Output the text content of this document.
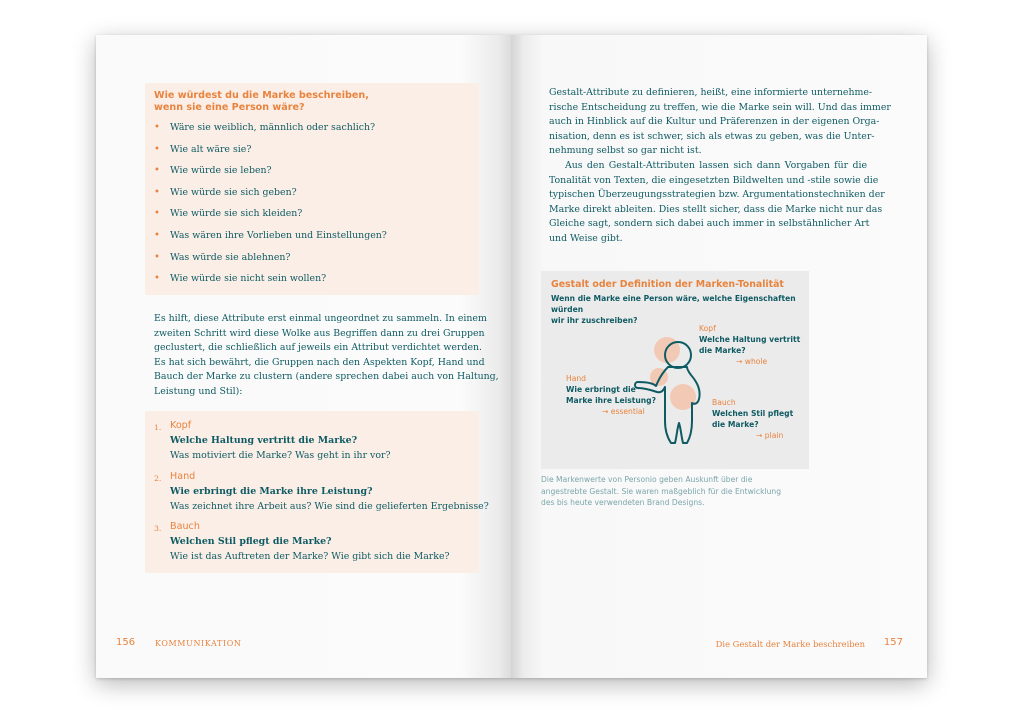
Wie würdest du die Marke beschreiben,
wenn sie eine Person wäre?
• Wäre sie weiblich, männlich oder sachlich?
• Wie alt wäre sie?
• Wie würde sie leben?
• Wie würde sie sich geben?
• Wie würde sie sich kleiden?
• Was wären ihre Vorlieben und Einstellungen?
• Was würde sie ablehnen?
• Wie würde sie nicht sein wollen?
Es hilft, diese Attribute erst einmal ungeordnet zu sammeln. In einem
zweiten Schritt wird diese Wolke aus Begriffen dann zu drei Gruppen
geclustert, die schließlich auf jeweils ein Attribut verdichtet werden.
Es hat sich bewährt, die Gruppen nach den Aspekten Kopf, Hand und
Bauch der Marke zu clustern (andere sprechen dabei auch von Haltung,
Leistung und Stil):
1. Kopf
Welche Haltung vertritt die Marke?
Was motiviert die Marke? Was geht in ihr vor?
2. Hand
Wie erbringt die Marke ihre Leistung?
Was zeichnet ihre Arbeit aus? Wie sind die gelieferten Ergebnisse?
3. Bauch
Welchen Stil pflegt die Marke?
Wie ist das Auftreten der Marke? Wie gibt sich die Marke?
156 KOMMUNIKATION
Gestalt-Attribute zu definieren, heißt, eine informierte unternehme-
rische Entscheidung zu treffen, wie die Marke sein will. Und das immer
auch in Hinblick auf die Kultur und Präferenzen in der eigenen Orga-
nisation, denn es ist schwer, sich als etwas zu geben, was die Unter-
nehmung selbst so gar nicht ist.
Aus den Gestalt-Attributen lassen sich dann Vorgaben für die
Tonalität von Texten, die eingesetzten Bildwelten und -stile sowie die
typischen Überzeugungsstrategien bzw. Argumentationstechniken der
Marke direkt ableiten. Dies stellt sicher, dass die Marke nicht nur das
Gleiche sagt, sondern sich dabei auch immer in selbstähnlicher Art
und Weise gibt.
Gestalt oder Definition der Marken-Tonalität
Wenn die Marke eine Person wäre, welche Eigenschaften würden
wir ihr zuschreiben?
Kopf
Welche Haltung vertritt
die Marke?
→ whole
Hand
Wie erbringt die
Marke ihre Leistung?
→ essential
Bauch
Welchen Stil pflegt
die Marke?
→ plain
Die Markenwerte von Personio geben Auskunft über die
angestrebte Gestalt. Sie waren maßgeblich für die Entwicklung
des bis heute verwendeten Brand Designs.
Die Gestalt der Marke beschreiben 157
